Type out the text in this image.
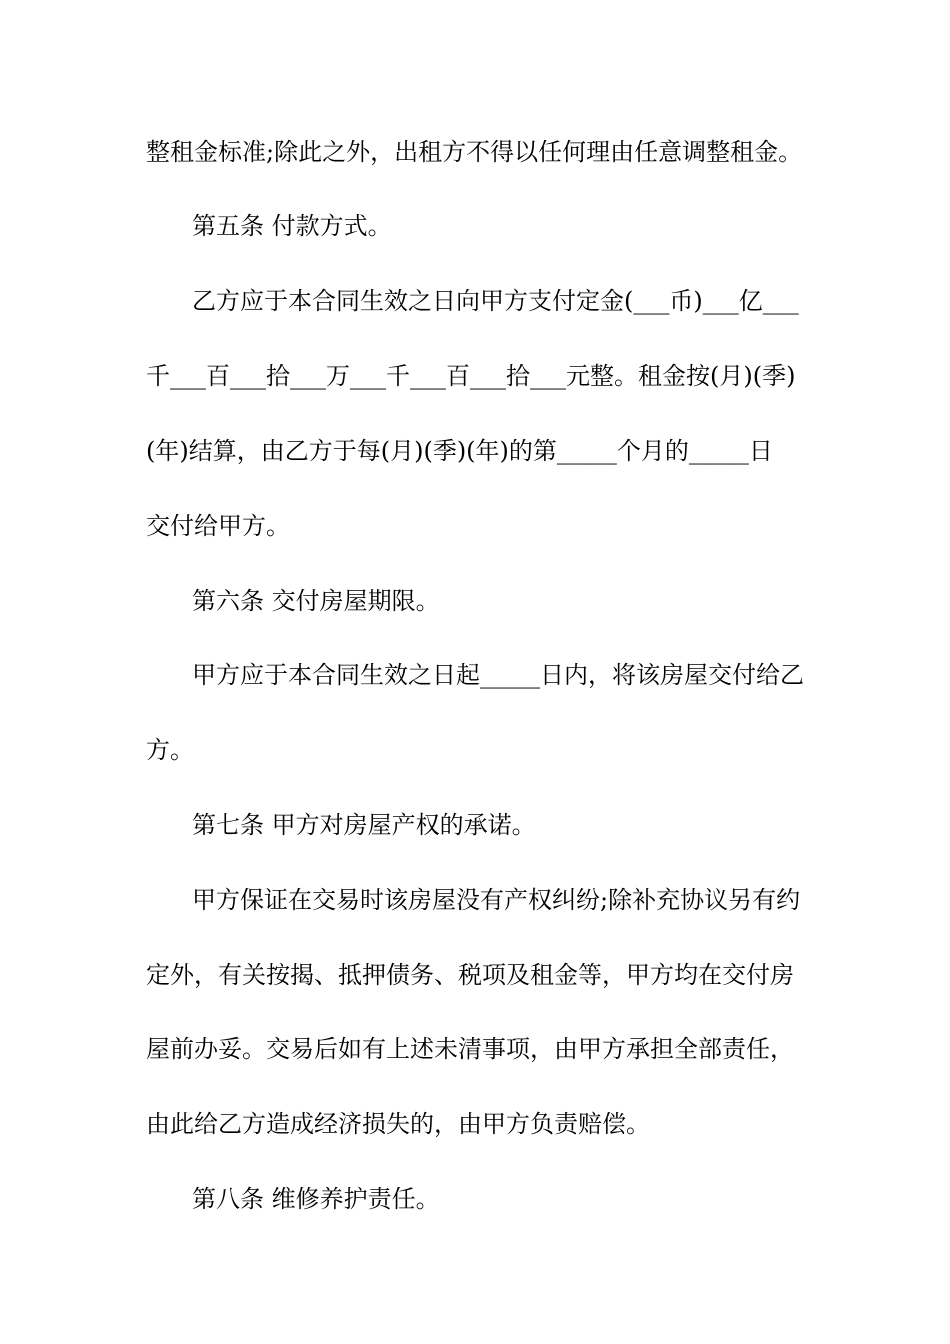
整租金标准;除此之外，出租方不得以任何理由任意调整租金。
第五条 付款方式。
乙方应于本合同生效之日向甲方支付定金(___币)___亿___
千___百___拾___万___千___百___拾___元整。租金按(月)(季)
(年)结算，由乙方于每(月)(季)(年)的第_____个月的_____日
交付给甲方。
第六条 交付房屋期限。
甲方应于本合同生效之日起_____日内，将该房屋交付给乙
方。
第七条 甲方对房屋产权的承诺。
甲方保证在交易时该房屋没有产权纠纷;除补充协议另有约
定外，有关按揭、抵押债务、税项及租金等，甲方均在交付房
屋前办妥。交易后如有上述未清事项，由甲方承担全部责任，
由此给乙方造成经济损失的，由甲方负责赔偿。
第八条 维修养护责任。
